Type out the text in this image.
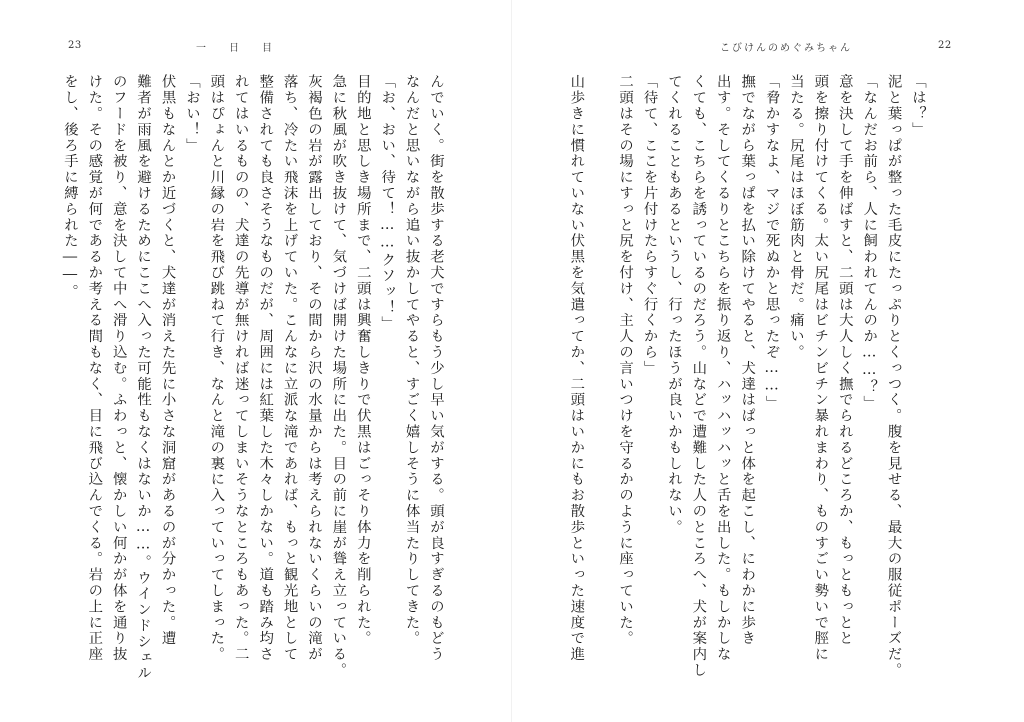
23	一日目
んでいく。街を散歩する老犬ですらもう少し早い気がする。頭が良すぎるのもどう
なんだと思いながら追い抜かしてやると、すごく嬉しそうに体当たりしてきた。
「お、おい、待て！……クソッ！」
目的地と思しき場所まで、二頭は興奮しきりで伏黒はごっそり体力を削られた。
急に秋風が吹き抜けて、気づけば開けた場所に出た。目の前に崖が聳え立っている。
灰褐色の岩が露出しており、その間から沢の水量からは考えられないくらいの滝が
落ち、冷たい飛沫を上げていた。こんなに立派な滝であれば、もっと観光地として
整備されても良さそうなものだが、周囲には紅葉した木々しかない。道も踏み均さ
れてはいるものの、犬達の先導が無ければ迷ってしまいそうなところもあった。二
頭はぴょんと川縁の岩を飛び跳ねて行き、なんと滝の裏に入っていってしまった。
「おい！」
伏黒もなんとか近づくと、犬達が消えた先に小さな洞窟があるのが分かった。遭
難者が雨風を避けるためにここへ入った可能性もなくはないか……。ウインドシェル
のフードを被り、意を決して中へ滑り込む。ふわっと、懐かしい何かが体を通り抜
けた。その感覚が何であるか考える間もなく、目に飛び込んでくる。岩の上に正座
をし、後ろ手に縛られた――。
こびけんのめぐみちゃん	22
「は？」
泥と葉っぱが整った毛皮にたっぷりとくっつく。腹を見せる、最大の服従ポーズだ。
「なんだお前ら、人に飼われてんのか……？」
意を決して手を伸ばすと、二頭は大人しく撫でられるどころか、もっともっとと
頭を擦り付けてくる。太い尻尾はビチンビチン暴れまわり、ものすごい勢いで脛に
当たる。尻尾はほぼ筋肉と骨だ。痛い。
「脅かすなよ、マジで死ぬかと思ったぞ……」
撫でながら葉っぱを払い除けてやると、犬達はぱっと体を起こし、にわかに歩き
出す。そしてくるりとこちらを振り返り、ハッハッハッと舌を出した。もしかしな
くても、こちらを誘っているのだろう。山などで遭難した人のところへ、犬が案内し
てくれることもあるというし、行ったほうが良いかもしれない。
「待て、ここを片付けたらすぐ行くから」
二頭はその場にすっと尻を付け、主人の言いつけを守るかのように座っていた。
山歩きに慣れていない伏黒を気遣ってか、二頭はいかにもお散歩といった速度で進
